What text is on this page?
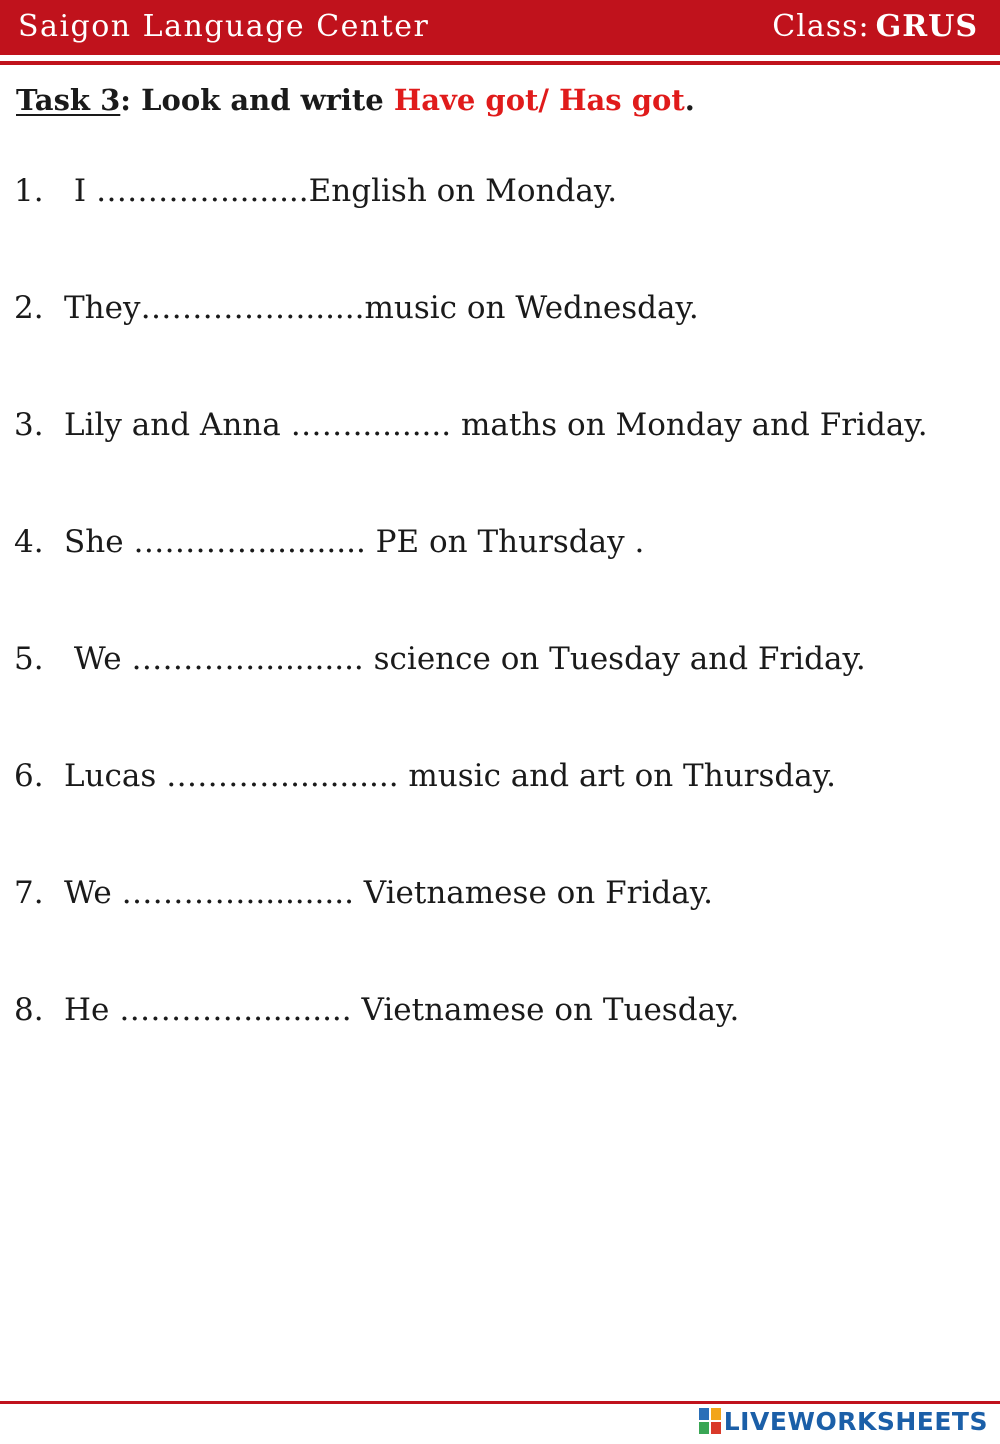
Saigon Language Center	Class: GRUS
Task 3: Look and write Have got/ Has got.
1. I ………….........English on Monday.
2. They…………….......music on Wednesday.
3. Lily and Anna …….......... maths on Monday and Friday.
4. She …………........... PE on Thursday .
5. We …………........... science on Tuesday and Friday.
6. Lucas …………........... music and art on Thursday.
7. We …………........... Vietnamese on Friday.
8. He …………........... Vietnamese on Tuesday.
LIVEWORKSHEETS
